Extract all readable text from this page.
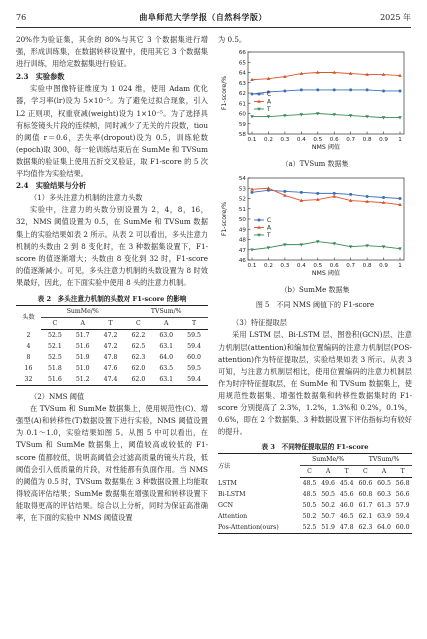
76	曲阜师范大学学报（自然科学版）	2025 年

20%作为验证集，其余的 80%与其它 3 个数据集进行增强，形成训练集，在数据转移设置中，使用其它 3 个数据集进行训练，用给定数据集进行验证。

2.3　实验参数

实验中图像特征维度为 1 024 维，使用 Adam 优化器，学习率(lr)设为 5×10⁻⁵。为了避免过拟合现象，引入 L2 正则项，权重衰减(weight)设为 1×10⁻⁵。为了选择具有标签镜头片段的连续帧，同时减少了无关的片段数，tiou 的阈值 r＝0.6，丢失率(dropout)设为 0.5，训练轮数(epoch)取 300，每一轮训练结束后在 SumMe 和 TVSum 数据集的验证集上使用五折交叉验证，取 F1-score 的 5 次平均值作为实验结果。

2.4　实验结果与分析

（1）多头注意力机制的注意力头数

实验中，注意力的头数分别设置为 2，4，8，16，32，NMS 阈值设置为 0.5，在 SumMe 和 TVSum 数据集上的实验结果如表 2 所示。从表 2 可以看出，多头注意力机制的头数由 2 到 8 变化时，在 3 种数据集设置下，F1-score 的值逐渐增大；头数由 8 变化到 32 时，F1-score 的值逐渐减小。可见，多头注意力机制的头数设置为 8 时效果最好，因此，在下面实验中使用 8 头的注意力机制。

表 2　多头注意力机制的头数对 F1-score 的影响

头数	SumMe/%			TVSum/%		
	C	A	T	C	A	T
2	52.5	51.7	47.2	62.2	63.0	59.5
4	52.1	51.6	47.2	62.5	63.1	59.4
8	52.5	51.9	47.8	62.3	64.0	60.0
16	51.8	51.0	47.6	62.0	63.5	59.5
32	51.6	51.2	47.4	62.0	63.1	59.4

（2）NMS 阈值

在 TVSum 和 SumMe 数据集上，使用规范性(C)、增强型(A)和转移性(T)数据设置下进行实验，NMS 阈值设置为 0.1～1.0，实验结果如图 5。从图 5 中可以看出，在 TVSum 和 SumMe 数据集上，阈值较高或较低的 F1-score 值都较低，说明高阈值会过滤高质量的镜头片段，低阈值会引入低质量的片段，对性能都有负面作用。当 NMS 的阈值为 0.5 时，TVSum 数据集在 3 种数据设置上均能取得较高评估结果；SumMe 数据集在增强设置和转移设置下能取得更高的评估结果。综合以上分析，同时为保证高准确率，在下面的实验中 NMS 阈值设置

为 0.5。

58
59
60
61
62
63
64
65
66
0.1 0.2 0.3 0.4 0.5 0.6 0.7 0.8 0.9 1
NMS 阈值
F1-score/%	C
A
T

（a）TVSum 数据集

46
47
48
49
50
51
52
53
54
0.1 0.2 0.3 0.4 0.5 0.6 0.7 0.8 0.9 1
NMS 阈值
F1-score/%	C
A
T

（b）SumMe 数据集

图 5　不同 NMS 阈值下的 F1-score

（3）特征提取层

采用 LSTM 层、Bi-LSTM 层、图卷积(GCN)层、注意力机制层(attention)和编加位置编码的注意力机制层(POS-attention)作为特征提取层，实验结果如表 3 所示。从表 3 可知，与注意力机制层相比，使用位置编码的注意力机制层作为时序特征提取层，在 SumMe 和 TVSum 数据集上，使用规范性数据集、增强性数据集和转移性数据集时的 F1-score 分别提高了 2.3%，1.2%，1.3%和 0.2%，0.1%，0.6%，即在 2 个数据集、3 种数据设置下评估指标均有较好的提升。

表 3　不同特征提取层的 F1-score

方法	SumMe/%			TVSum/%		
	C	A	T	C	A	T
LSTM	48.5	49.6	45.4	60.6	60.5	56.8
Bi-LSTM	48.5	50.5	45.6	60.8	60.3	56.6
GCN	50.5	50.2	46.0	61.7	61.3	57.9
Attention	50.2	50.7	46.5	62.1	63.9	59.4
Pos-Attention(ours)	52.5	51.9	47.8	62.3	64.0	60.0
